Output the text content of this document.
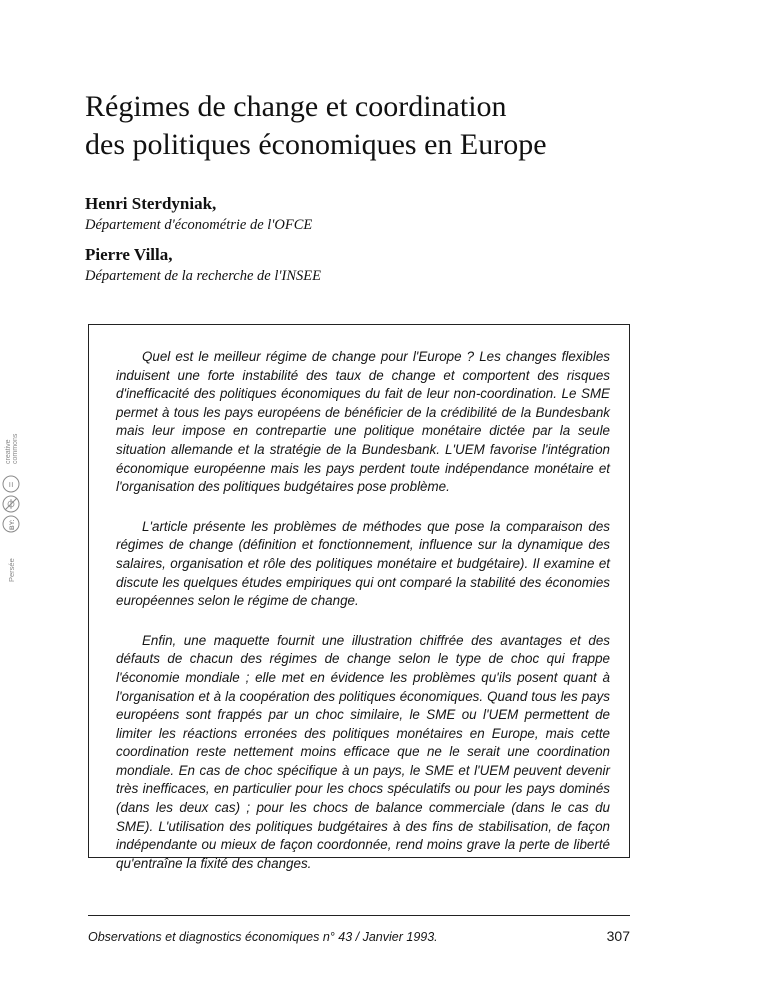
Régimes de change et coordination
des politiques économiques en Europe

Henri Sterdyniak,

Département d'économétrie de l'OFCE

Pierre Villa,

Département de la recherche de l'INSEE

Quel est le meilleur régime de change pour l'Europe ? Les changes flexibles induisent une forte instabilité des taux de change et comportent des risques d'inefficacité des politiques économiques du fait de leur non-coordination. Le SME permet à tous les pays européens de bénéficier de la crédibilité de la Bundesbank mais leur impose en contrepartie une politique monétaire dictée par la seule situation allemande et la stratégie de la Bundesbank. L'UEM favorise l'intégration économique européenne mais les pays perdent toute indépendance monétaire et l'organisation des politiques budgétaires pose problème.

L'article présente les problèmes de méthodes que pose la comparaison des régimes de change (définition et fonctionnement, influence sur la dynamique des salaires, organisation et rôle des politiques monétaire et budgétaire). Il examine et discute les quelques études empiriques qui ont comparé la stabilité des économies européennes selon le régime de change.

Enfin, une maquette fournit une illustration chiffrée des avantages et des défauts de chacun des régimes de change selon le type de choc qui frappe l'économie mondiale ; elle met en évidence les problèmes qu'ils posent quant à l'organisation et à la coopération des politiques économiques. Quand tous les pays européens sont frappés par un choc similaire, le SME ou l'UEM permettent de limiter les réactions erronées des politiques monétaires en Europe, mais cette coordination reste nettement moins efficace que ne le serait une coordination mondiale. En cas de choc spécifique à un pays, le SME et l'UEM peuvent devenir très inefficaces, en particulier pour les chocs spéculatifs ou pour les pays dominés (dans les deux cas) ; pour les chocs de balance commerciale (dans le cas du SME). L'utilisation des politiques budgétaires à des fins de stabilisation, de façon indépendante ou mieux de façon coordonnée, rend moins grave la perte de liberté qu'entraîne la fixité des changes.

Persée
BY:
=
creative commons
Observations et diagnostics économiques n° 43 / Janvier 1993.	307
